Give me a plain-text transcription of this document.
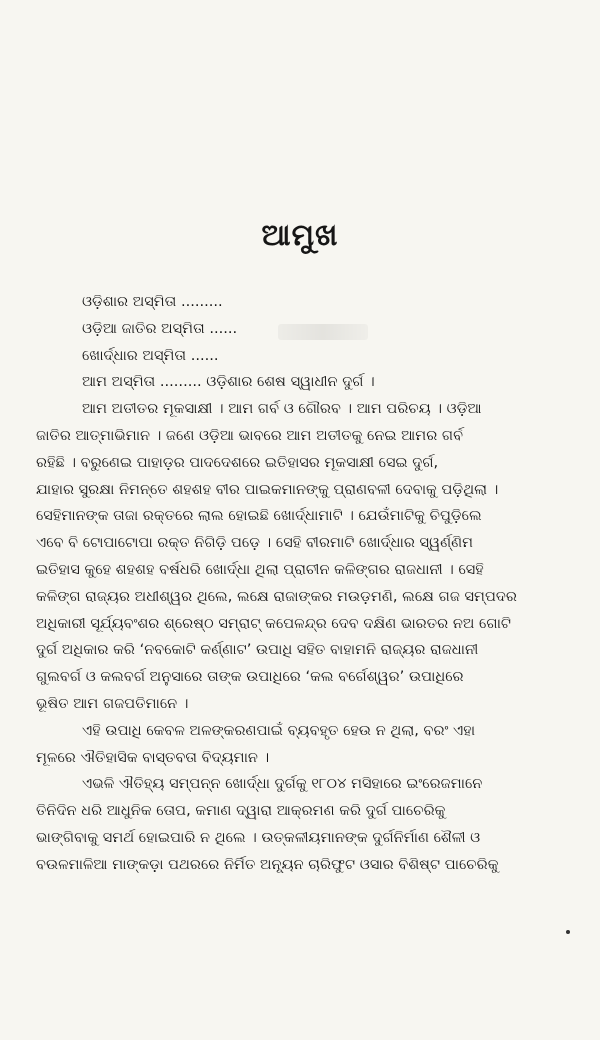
ଆମୁଖ
ଓଡ଼ିଶାର ଅସ୍ମିତା .........
ଓଡ଼ିଆ ଜାତିର ଅସ୍ମିତା ......
ଖୋର୍ଦ୍ଧାର ଅସ୍ମିତା ......
ଆମ ଅସ୍ମିତା ......... ଓଡ଼ିଶାର ଶେଷ ସ୍ୱାଧୀନ ଦୁର୍ଗ ।
ଆମ ଅତୀତର ମୂକସାକ୍ଷୀ । ଆମ ଗର୍ବ ଓ ଗୌରବ । ଆମ ପରିଚୟ । ଓଡ଼ିଆ
ଜାତିର ଆତ୍ମାଭିମାନ । ଜଣେ ଓଡ଼ିଆ ଭାବରେ ଆମ ଅତୀତକୁ ନେଇ ଆମର ଗର୍ବ
ରହିଛି । ବରୁଣେଇ ପାହାଡ଼ର ପାଦଦେଶରେ ଇତିହାସର ମୂକସାକ୍ଷୀ ସେଇ ଦୁର୍ଗ,
ଯାହାର ସୁରକ୍ଷା ନିମନ୍ତେ ଶହଶହ ବୀର ପାଇକମାନଙ୍କୁ ପ୍ରାଣବଳୀ ଦେବାକୁ ପଡ଼ିଥିଲା ।
ସେହିମାନଙ୍କ ତାଜା ରକ୍ତରେ ଲାଲ ହୋଇଛି ଖୋର୍ଦ୍ଧାମାଟି । ଯେଉଁମାଟିକୁ ଚିପୁଡ଼ିଲେ
ଏବେ ବି ଟୋପାଟୋପା ରକ୍ତ ନିଗିଡ଼ି ପଡ଼େ । ସେହି ବୀରମାଟି ଖୋର୍ଦ୍ଧାର ସ୍ୱର୍ଣ୍ଣିମ
ଇତିହାସ କୁହେ ଶହଶହ ବର୍ଷଧରି ଖୋର୍ଦ୍ଧା ଥିଲା ପ୍ରାଚୀନ କଳିଙ୍ଗର ରାଜଧାନୀ । ସେହି
କଳିଙ୍ଗ ରାଜ୍ୟର ଅଧୀଶ୍ୱର ଥିଲେ, ଲକ୍ଷେ ରାଜାଙ୍କର ମଉଡ଼ମଣି, ଲକ୍ଷେ ଗଜ ସମ୍ପଦର
ଅଧିକାରୀ ସୂର୍ଯ୍ୟବଂଶର ଶ୍ରେଷ୍ଠ ସମ୍ରାଟ୍ କପେଳନ୍ଦ୍ର ଦେବ ଦକ୍ଷିଣ ଭାରତର ନଅ ଗୋଟି
ଦୁର୍ଗ ଅଧିକାର କରି ‘ନବକୋଟି କର୍ଣ୍ଣାଟ’ ଉପାଧି ସହିତ ବାହାମନି ରାଜ୍ୟର ରାଜଧାନୀ
ଗୁଲବର୍ଗ ଓ କଲବର୍ଗ ଅନୁସାରେ ତାଙ୍କ ଉପାଧିରେ ‘କଲ ବର୍ଗେଶ୍ୱର’ ଉପାଧିରେ
ଭୂଷିତ ଆମ ଗଜପତିମାନେ ।
ଏହି ଉପାଧି କେବଳ ଅଳଙ୍କରଣପାଇଁ ବ୍ୟବହୃତ ହେଉ ନ ଥିଲା, ବରଂ ଏହା
ମୂଳରେ ଐତିହାସିକ ବାସ୍ତବତା ବିଦ୍ୟମାନ ।
ଏଭଳି ଐତିହ୍ୟ ସମ୍ପନ୍ନ ଖୋର୍ଦ୍ଧା ଦୁର୍ଗକୁ ୧୮୦୪ ମସିହାରେ ଇଂରେଜମାନେ
ତିନିଦିନ ଧରି ଆଧୁନିକ ତୋପ, କମାଣ ଦ୍ୱାରା ଆକ୍ରମଣ କରି ଦୁର୍ଗ ପାଚେରିକୁ
ଭାଙ୍ଗିବାକୁ ସମର୍ଥ ହୋଇପାରି ନ ଥିଲେ । ଉତ୍କଳୀୟମାନଙ୍କ ଦୁର୍ଗନିର୍ମାଣ ଶୈଳୀ ଓ
ବଉଳମାଳିଆ ମାଙ୍କଡ଼ା ପଥରରେ ନିର୍ମିତ ଅନ୍ୟୂନ ଚାରିଫୁଟ ଓସାର ବିଶିଷ୍ଟ ପାଚେରିକୁ
